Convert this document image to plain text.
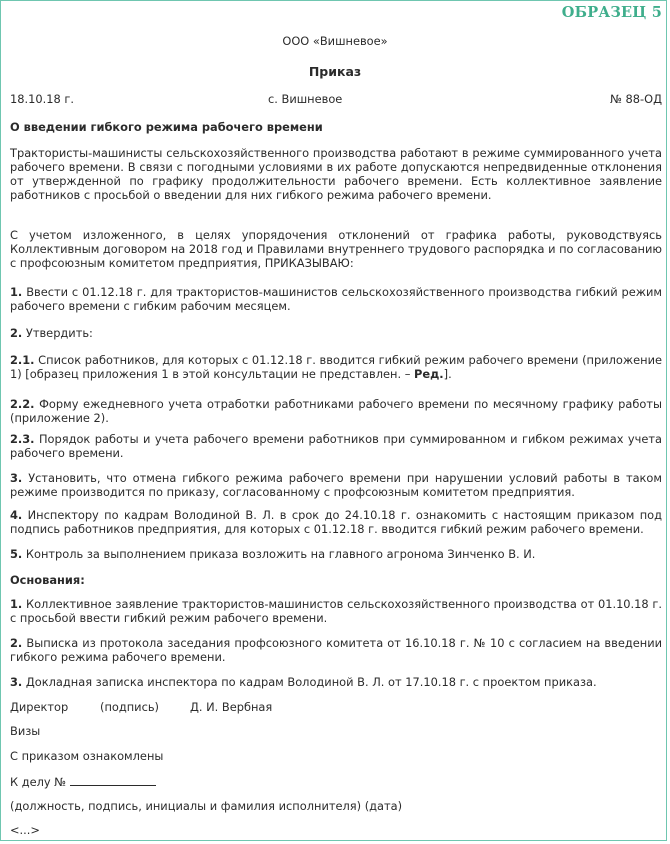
ОБРАЗЕЦ 5
ООО «Вишневое»
Приказ
18.10.18 г.	с. Вишневое	№ 88-ОД
О введении гибкого режима рабочего времени

Трактористы-машинисты сельскохозяйственного производства работают в режиме суммированного учета рабочего времени. В связи с погодными условиями в их работе допускаются непредвиденные отклонения от утвержденной по графику продолжительности рабочего времени. Есть коллективное заявление работников с просьбой о введении для них гибкого режима рабочего времени.

С учетом изложенного, в целях упорядочения отклонений от графика работы, руководствуясь Коллективным договором на 2018 год и Правилами внутреннего трудового распорядка и по согласованию с профсоюзным комитетом предприятия, ПРИКАЗЫВАЮ:

1. Ввести с 01.12.18 г. для трактористов-машинистов сельскохозяйственного производства гибкий режим рабочего времени с гибким рабочим месяцем.

2. Утвердить:

2.1. Список работников, для которых с 01.12.18 г. вводится гибкий режим рабочего времени (приложение 1) [образец приложения 1 в этой консультации не представлен. – Ред.].

2.2. Форму ежедневного учета отработки работниками рабочего времени по месячному графику работы (приложение 2).

2.3. Порядок работы и учета рабочего времени работников при суммированном и гибком режимах учета рабочего времени.

3. Установить, что отмена гибкого режима рабочего времени при нарушении условий работы в таком режиме производится по приказу, согласованному с профсоюзным комитетом предприятия.

4. Инспектору по кадрам Володиной В. Л. в срок до 24.10.18 г. ознакомить с настоящим приказом под подпись работников предприятия, для которых с 01.12.18 г. вводится гибкий режим рабочего времени.

5. Контроль за выполнением приказа возложить на главного агронома Зинченко В. И.

Основания:

1. Коллективное заявление трактористов-машинистов сельскохозяйственного производства от 01.10.18 г. с просьбой ввести гибкий режим рабочего времени.

2. Выписка из протокола заседания профсоюзного комитета от 16.10.18 г. № 10 с согласием на введении гибкого режима рабочего времени.

3. Докладная записка инспектора по кадрам Володиной В. Л. от 17.10.18 г. с проектом приказа.

Директор	(подпись)	Д. И. Вербная
Визы
С приказом ознакомлены
К делу №
(должность, подпись, инициалы и фамилия исполнителя) (дата)
<...>
